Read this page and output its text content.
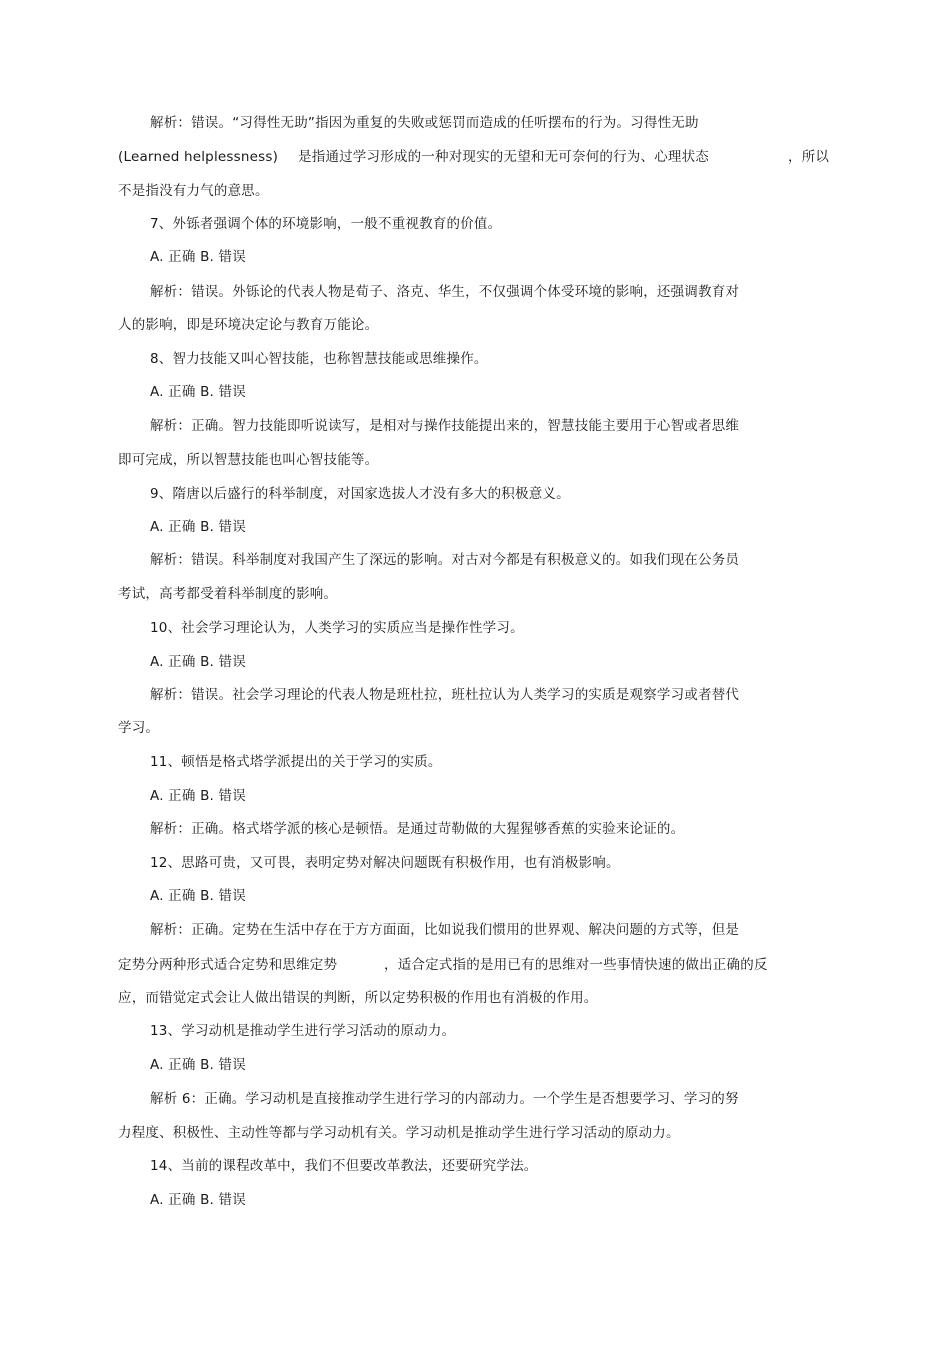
解析：错误。“习得性无助”指因为重复的失败或惩罚而造成的任听摆布的行为。习得性无助
(Learned helplessness) 是指通过学习形成的一种对现实的无望和无可奈何的行为、心理状态	，所以
不是指没有力气的意思。
7、外铄者强调个体的环境影响，一般不重视教育的价值。
A. 正确 B. 错误
解析：错误。外铄论的代表人物是荀子、洛克、华生，不仅强调个体受环境的影响，还强调教育对
人的影响，即是环境决定论与教育万能论。
8、智力技能又叫心智技能，也称智慧技能或思维操作。
A. 正确 B. 错误
解析：正确。智力技能即听说读写，是相对与操作技能提出来的，智慧技能主要用于心智或者思维
即可完成，所以智慧技能也叫心智技能等。
9、隋唐以后盛行的科举制度，对国家选拔人才没有多大的积极意义。
A. 正确 B. 错误
解析：错误。科举制度对我国产生了深远的影响。对古对今都是有积极意义的。如我们现在公务员
考试，高考都受着科举制度的影响。
10、社会学习理论认为，人类学习的实质应当是操作性学习。
A. 正确 B. 错误
解析：错误。社会学习理论的代表人物是班杜拉，班杜拉认为人类学习的实质是观察学习或者替代
学习。
11、顿悟是格式塔学派提出的关于学习的实质。
A. 正确 B. 错误
解析：正确。格式塔学派的核心是顿悟。是通过苛勒做的大猩猩够香蕉的实验来论证的。
12、思路可贵，又可畏，表明定势对解决问题既有积极作用，也有消极影响。
A. 正确 B. 错误
解析：正确。定势在生活中存在于方方面面，比如说我们惯用的世界观、解决问题的方式等，但是
定势分两种形式适合定势和思维定势	，适合定式指的是用已有的思维对一些事情快速的做出正确的反
应，而错觉定式会让人做出错误的判断，所以定势积极的作用也有消极的作用。
13、学习动机是推动学生进行学习活动的原动力。
A. 正确 B. 错误
解析 6：正确。学习动机是直接推动学生进行学习的内部动力。一个学生是否想要学习、学习的努
力程度、积极性、主动性等都与学习动机有关。学习动机是推动学生进行学习活动的原动力。
14、当前的课程改革中，我们不但要改革教法，还要研究学法。
A. 正确 B. 错误
